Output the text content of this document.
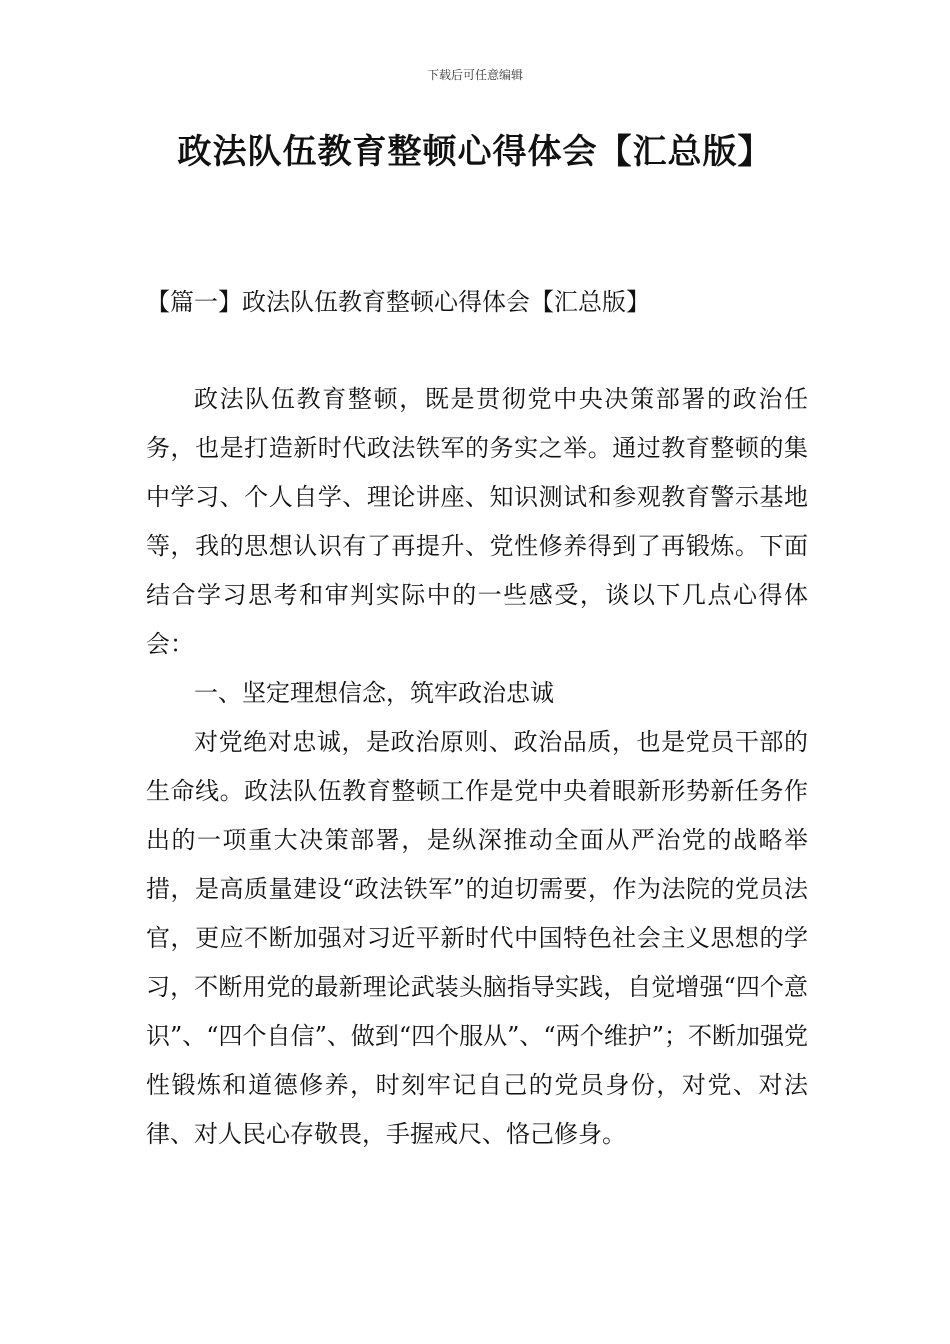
下载后可任意编辑
政法队伍教育整顿心得体会【汇总版】
【篇一】政法队伍教育整顿心得体会【汇总版】

政法队伍教育整顿，既是贯彻党中央决策部署的政治任务，也是打造新时代政法铁军的务实之举。通过教育整顿的集中学习、个人自学、理论讲座、知识测试和参观教育警示基地等，我的思想认识有了再提升、党性修养得到了再锻炼。下面结合学习思考和审判实际中的一些感受，谈以下几点心得体会：

一、坚定理想信念，筑牢政治忠诚

对党绝对忠诚，是政治原则、政治品质，也是党员干部的生命线。政法队伍教育整顿工作是党中央着眼新形势新任务作出的一项重大决策部署，是纵深推动全面从严治党的战略举措，是高质量建设“政法铁军”的迫切需要，作为法院的党员法官，更应不断加强对习近平新时代中国特色社会主义思想的学习，不断用党的最新理论武装头脑指导实践，自觉增强“四个意识”、“四个自信”、做到“四个服从”、“两个维护”；不断加强党性锻炼和道德修养，时刻牢记自己的党员身份，对党、对法律、对人民心存敬畏，手握戒尺、恪己修身。
